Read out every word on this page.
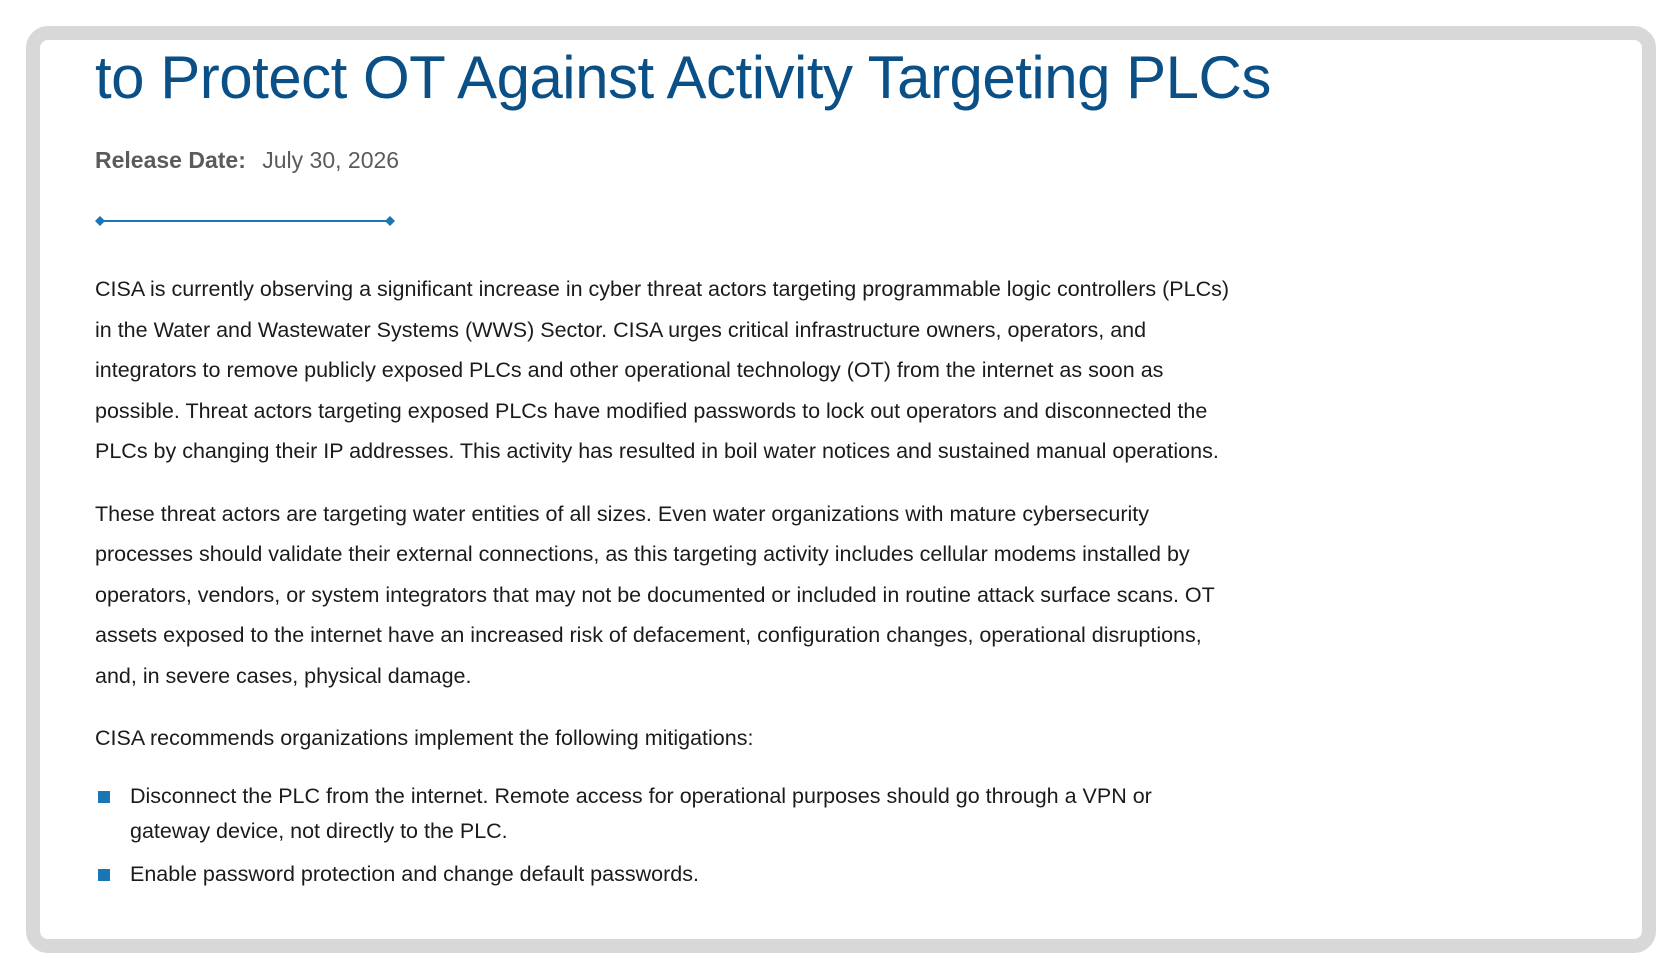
to Protect OT Against Activity Targeting PLCs
Release Date: July 30, 2026

CISA is currently observing a significant increase in cyber threat actors targeting programmable logic controllers (PLCs) in the Water and Wastewater Systems (WWS) Sector. CISA urges critical infrastructure owners, operators, and integrators to remove publicly exposed PLCs and other operational technology (OT) from the internet as soon as possible. Threat actors targeting exposed PLCs have modified passwords to lock out operators and disconnected the PLCs by changing their IP addresses. This activity has resulted in boil water notices and sustained manual operations.

These threat actors are targeting water entities of all sizes. Even water organizations with mature cybersecurity processes should validate their external connections, as this targeting activity includes cellular modems installed by operators, vendors, or system integrators that may not be documented or included in routine attack surface scans. OT assets exposed to the internet have an increased risk of defacement, configuration changes, operational disruptions, and, in severe cases, physical damage.

CISA recommends organizations implement the following mitigations:

Disconnect the PLC from the internet. Remote access for operational purposes should go through a VPN or gateway device, not directly to the PLC.
Enable password protection and change default passwords.
